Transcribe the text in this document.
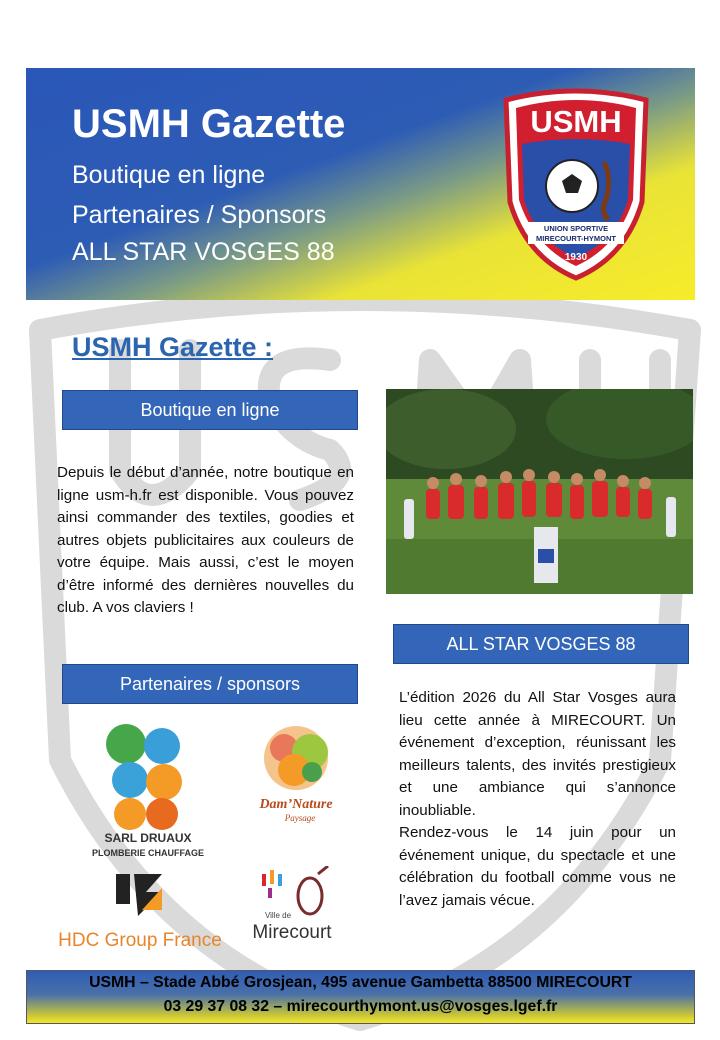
USMH Gazette
Boutique en ligne
Partenaires / Sponsors
ALL STAR VOSGES 88
USMH
UNION SPORTIVE
MIRECOURT-HYMONT
1930
USMH Gazette :
Boutique en ligne
Depuis le début d’année, notre boutique en ligne usm-h.fr est disponible. Vous pouvez ainsi commander des textiles, goodies et autres objets publicitaires aux couleurs de votre équipe. Mais aussi, c’est le moyen d’être informé des dernières nouvelles du club. A vos claviers !
ALL STAR VOSGES 88
L’édition 2026 du All Star Vosges aura lieu cette année à MIRECOURT. Un événement d’exception, réunissant les meilleurs talents, des invités prestigieux et une ambiance qui s’annonce inoubliable.
Rendez-vous le 14 juin pour un événement unique, du spectacle et une célébration du football comme vous ne l’avez jamais vécue.
Partenaires / sponsors
SARL DRUAUX
PLOMBERIE CHAUFFAGE
Dam’Nature
Paysage
HDC Group France
Ville de
Mirecourt
USMH – Stade Abbé Grosjean, 495 avenue Gambetta 88500 MIRECOURT
03 29 37 08 32 – mirecourthymont.us@vosges.lgef.fr
